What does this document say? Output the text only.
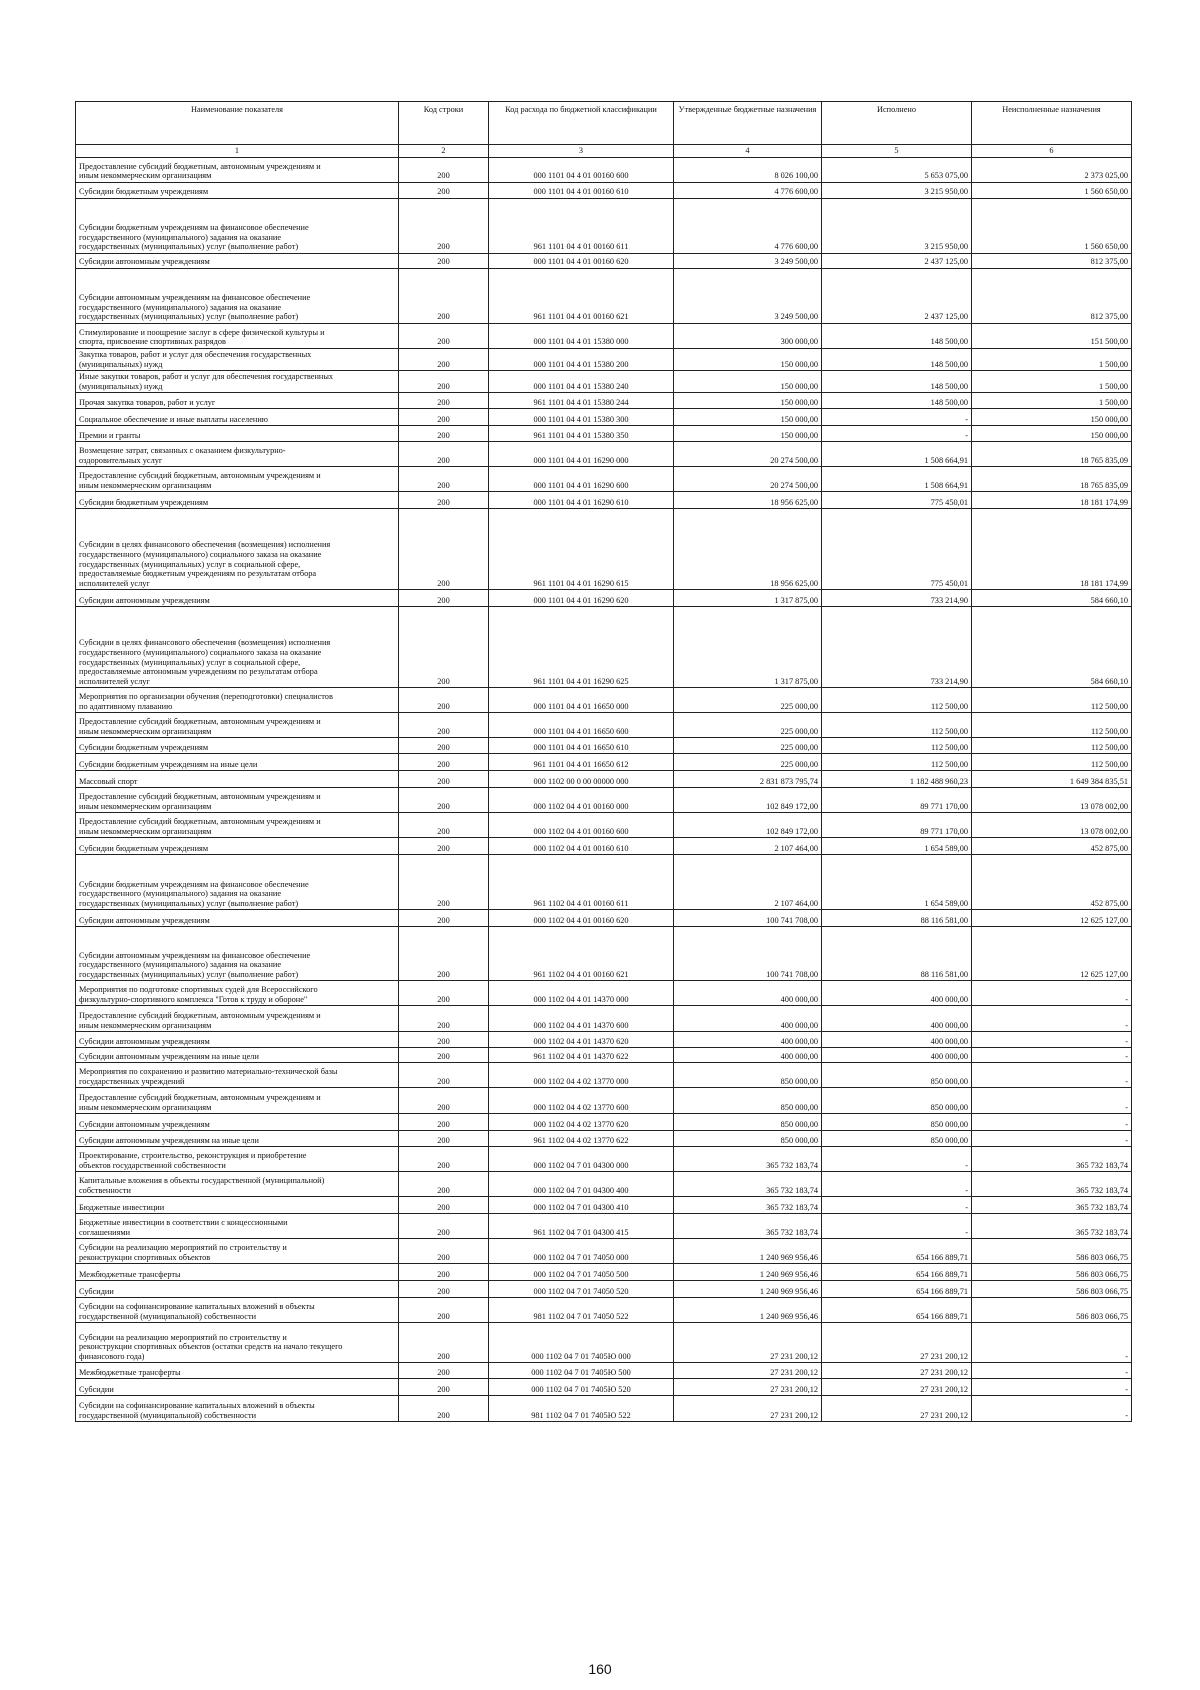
Наименование показателя	Код строки	Код расхода по бюджетной классификации	Утвержденные бюджетные назначения	Исполнено	Неисполненные назначения
1	2	3	4	5	6
Предоставление субсидий бюджетным, автономным учреждениям и
иным некоммерческим организациям	200	000 1101 04 4 01 00160 600	8 026 100,00	5 653 075,00	2 373 025,00
Субсидии бюджетным учреждениям	200	000 1101 04 4 01 00160 610	4 776 600,00	3 215 950,00	1 560 650,00
Субсидии бюджетным учреждениям на финансовое обеспечение
государственного (муниципального) задания на оказание
государственных (муниципальных) услуг (выполнение работ)	200	961 1101 04 4 01 00160 611	4 776 600,00	3 215 950,00	1 560 650,00
Субсидии автономным учреждениям	200	000 1101 04 4 01 00160 620	3 249 500,00	2 437 125,00	812 375,00
Субсидии автономным учреждениям на финансовое обеспечение
государственного (муниципального) задания на оказание
государственных (муниципальных) услуг (выполнение работ)	200	961 1101 04 4 01 00160 621	3 249 500,00	2 437 125,00	812 375,00
Стимулирование и поощрение заслуг в сфере физической культуры и
спорта, присвоение спортивных разрядов	200	000 1101 04 4 01 15380 000	300 000,00	148 500,00	151 500,00
Закупка товаров, работ и услуг для обеспечения государственных
(муниципальных) нужд	200	000 1101 04 4 01 15380 200	150 000,00	148 500,00	1 500,00
Иные закупки товаров, работ и услуг для обеспечения государственных
(муниципальных) нужд	200	000 1101 04 4 01 15380 240	150 000,00	148 500,00	1 500,00
Прочая закупка товаров, работ и услуг	200	961 1101 04 4 01 15380 244	150 000,00	148 500,00	1 500,00
Социальное обеспечение и иные выплаты населению	200	000 1101 04 4 01 15380 300	150 000,00	-	150 000,00
Премии и гранты	200	961 1101 04 4 01 15380 350	150 000,00	-	150 000,00
Возмещение затрат, связанных с оказанием физкультурно-
оздоровительных услуг	200	000 1101 04 4 01 16290 000	20 274 500,00	1 508 664,91	18 765 835,09
Предоставление субсидий бюджетным, автономным учреждениям и
иным некоммерческим организациям	200	000 1101 04 4 01 16290 600	20 274 500,00	1 508 664,91	18 765 835,09
Субсидии бюджетным учреждениям	200	000 1101 04 4 01 16290 610	18 956 625,00	775 450,01	18 181 174,99
Субсидии в целях финансового обеспечения (возмещения) исполнения
государственного (муниципального) социального заказа на оказание
государственных (муниципальных) услуг в социальной сфере,
предоставляемые бюджетным учреждениям по результатам отбора
исполнителей услуг	200	961 1101 04 4 01 16290 615	18 956 625,00	775 450,01	18 181 174,99
Субсидии автономным учреждениям	200	000 1101 04 4 01 16290 620	1 317 875,00	733 214,90	584 660,10
Субсидии в целях финансового обеспечения (возмещения) исполнения
государственного (муниципального) социального заказа на оказание
государственных (муниципальных) услуг в социальной сфере,
предоставляемые автономным учреждениям по результатам отбора
исполнителей услуг	200	961 1101 04 4 01 16290 625	1 317 875,00	733 214,90	584 660,10
Мероприятия по организации обучения (переподготовки) специалистов
по адаптивному плаванию	200	000 1101 04 4 01 16650 000	225 000,00	112 500,00	112 500,00
Предоставление субсидий бюджетным, автономным учреждениям и
иным некоммерческим организациям	200	000 1101 04 4 01 16650 600	225 000,00	112 500,00	112 500,00
Субсидии бюджетным учреждениям	200	000 1101 04 4 01 16650 610	225 000,00	112 500,00	112 500,00
Субсидии бюджетным учреждениям на иные цели	200	961 1101 04 4 01 16650 612	225 000,00	112 500,00	112 500,00
Массовый спорт	200	000 1102 00 0 00 00000 000	2 831 873 795,74	1 182 488 960,23	1 649 384 835,51
Предоставление субсидий бюджетным, автономным учреждениям и
иным некоммерческим организациям	200	000 1102 04 4 01 00160 000	102 849 172,00	89 771 170,00	13 078 002,00
Предоставление субсидий бюджетным, автономным учреждениям и
иным некоммерческим организациям	200	000 1102 04 4 01 00160 600	102 849 172,00	89 771 170,00	13 078 002,00
Субсидии бюджетным учреждениям	200	000 1102 04 4 01 00160 610	2 107 464,00	1 654 589,00	452 875,00
Субсидии бюджетным учреждениям на финансовое обеспечение
государственного (муниципального) задания на оказание
государственных (муниципальных) услуг (выполнение работ)	200	961 1102 04 4 01 00160 611	2 107 464,00	1 654 589,00	452 875,00
Субсидии автономным учреждениям	200	000 1102 04 4 01 00160 620	100 741 708,00	88 116 581,00	12 625 127,00
Субсидии автономным учреждениям на финансовое обеспечение
государственного (муниципального) задания на оказание
государственных (муниципальных) услуг (выполнение работ)	200	961 1102 04 4 01 00160 621	100 741 708,00	88 116 581,00	12 625 127,00
Мероприятия по подготовке спортивных судей для Всероссийского
физкультурно-спортивного комплекса "Готов к труду и обороне"	200	000 1102 04 4 01 14370 000	400 000,00	400 000,00	-
Предоставление субсидий бюджетным, автономным учреждениям и
иным некоммерческим организациям	200	000 1102 04 4 01 14370 600	400 000,00	400 000,00	-
Субсидии автономным учреждениям	200	000 1102 04 4 01 14370 620	400 000,00	400 000,00	-
Субсидии автономным учреждениям на иные цели	200	961 1102 04 4 01 14370 622	400 000,00	400 000,00	-
Мероприятия по сохранению и развитию материально-технической базы
государственных учреждений	200	000 1102 04 4 02 13770 000	850 000,00	850 000,00	-
Предоставление субсидий бюджетным, автономным учреждениям и
иным некоммерческим организациям	200	000 1102 04 4 02 13770 600	850 000,00	850 000,00	-
Субсидии автономным учреждениям	200	000 1102 04 4 02 13770 620	850 000,00	850 000,00	-
Субсидии автономным учреждениям на иные цели	200	961 1102 04 4 02 13770 622	850 000,00	850 000,00	-
Проектирование, строительство, реконструкция и приобретение
объектов государственной собственности	200	000 1102 04 7 01 04300 000	365 732 183,74	-	365 732 183,74
Капитальные вложения в объекты государственной (муниципальной)
собственности	200	000 1102 04 7 01 04300 400	365 732 183,74	-	365 732 183,74
Бюджетные инвестиции	200	000 1102 04 7 01 04300 410	365 732 183,74	-	365 732 183,74
Бюджетные инвестиции в соответствии с концессионными
соглашениями	200	961 1102 04 7 01 04300 415	365 732 183,74	-	365 732 183,74
Субсидии на реализацию мероприятий по строительству и
реконструкции спортивных объектов	200	000 1102 04 7 01 74050 000	1 240 969 956,46	654 166 889,71	586 803 066,75
Межбюджетные трансферты	200	000 1102 04 7 01 74050 500	1 240 969 956,46	654 166 889,71	586 803 066,75
Субсидии	200	000 1102 04 7 01 74050 520	1 240 969 956,46	654 166 889,71	586 803 066,75
Субсидии на софинансирование капитальных вложений в объекты
государственной (муниципальной) собственности	200	981 1102 04 7 01 74050 522	1 240 969 956,46	654 166 889,71	586 803 066,75
Субсидии на реализацию мероприятий по строительству и
реконструкции спортивных объектов (остатки средств на начало текущего
финансового года)	200	000 1102 04 7 01 7405Ю 000	27 231 200,12	27 231 200,12	-
Межбюджетные трансферты	200	000 1102 04 7 01 7405Ю 500	27 231 200,12	27 231 200,12	-
Субсидии	200	000 1102 04 7 01 7405Ю 520	27 231 200,12	27 231 200,12	-
Субсидии на софинансирование капитальных вложений в объекты
государственной (муниципальной) собственности	200	981 1102 04 7 01 7405Ю 522	27 231 200,12	27 231 200,12	-
160
